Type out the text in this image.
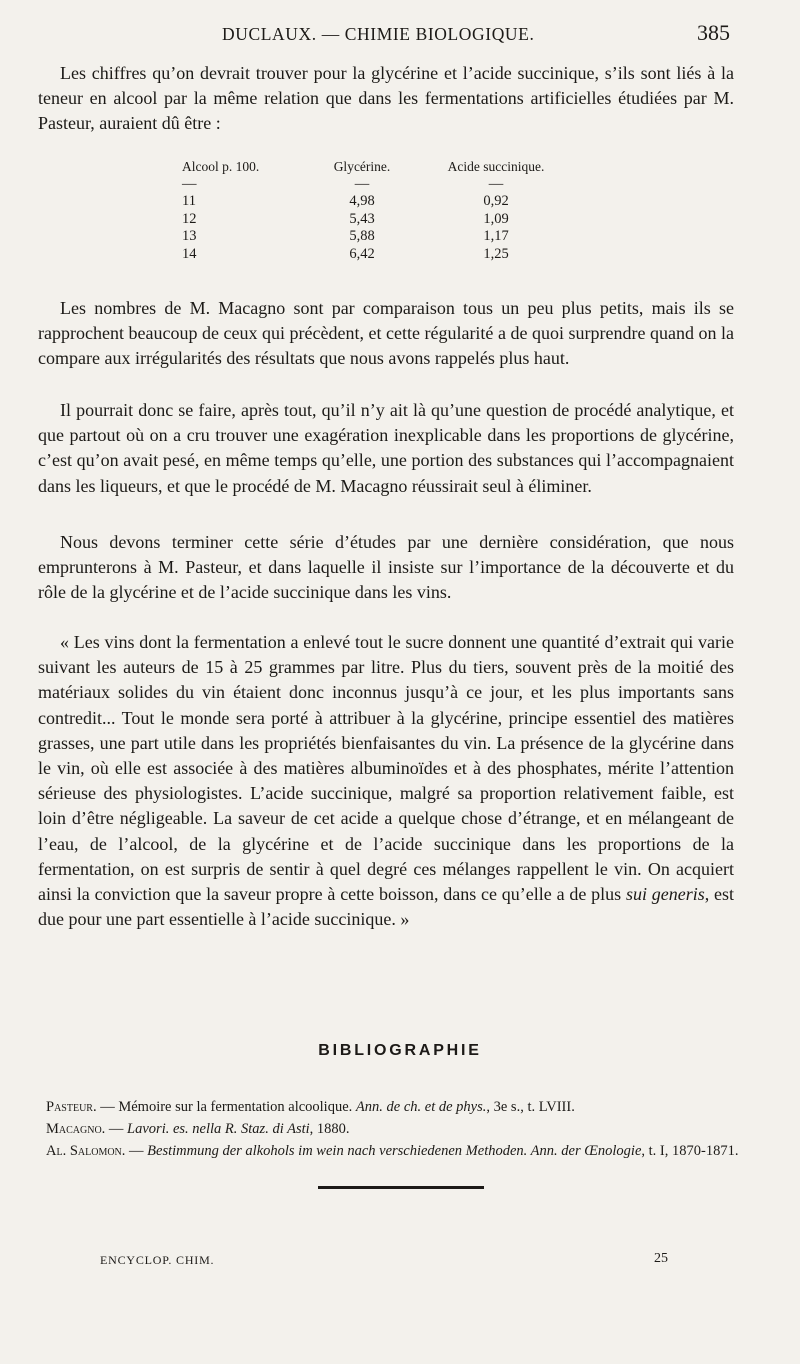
DUCLAUX. — CHIMIE BIOLOGIQUE.	385

Les chiffres qu’on devrait trouver pour la glycérine et l’acide succinique, s’ils sont liés à la teneur en alcool par la même relation que dans les fermentations artificielles étudiées par M. Pasteur, auraient dû être :

Alcool p. 100.	Glycérine.	Acide succinique.
—	—	—
11	4,98	0,92
12	5,43	1,09
13	5,88	1,17
14	6,42	1,25

Les nombres de M. Macagno sont par comparaison tous un peu plus petits, mais ils se rapprochent beaucoup de ceux qui précèdent, et cette régularité a de quoi surprendre quand on la compare aux irrégularités des résultats que nous avons rappelés plus haut.

Il pourrait donc se faire, après tout, qu’il n’y ait là qu’une question de procédé analytique, et que partout où on a cru trouver une exagération inexplicable dans les proportions de glycérine, c’est qu’on avait pesé, en même temps qu’elle, une portion des substances qui l’accompagnaient dans les liqueurs, et que le procédé de M. Macagno réussirait seul à éliminer.

Nous devons terminer cette série d’études par une dernière considération, que nous emprunterons à M. Pasteur, et dans laquelle il insiste sur l’importance de la découverte et du rôle de la glycérine et de l’acide succinique dans les vins.

« Les vins dont la fermentation a enlevé tout le sucre donnent une quantité d’extrait qui varie suivant les auteurs de 15 à 25 grammes par litre. Plus du tiers, souvent près de la moitié des matériaux solides du vin étaient donc inconnus jusqu’à ce jour, et les plus importants sans contredit... Tout le monde sera porté à attribuer à la glycérine, principe essentiel des matières grasses, une part utile dans les propriétés bienfaisantes du vin. La présence de la glycérine dans le vin, où elle est associée à des matières albuminoïdes et à des phosphates, mérite l’attention sérieuse des physiologistes. L’acide succinique, malgré sa proportion relativement faible, est loin d’être négligeable. La saveur de cet acide a quelque chose d’étrange, et en mélangeant de l’eau, de l’alcool, de la glycérine et de l’acide succinique dans les proportions de la fermentation, on est surpris de sentir à quel degré ces mélanges rappellent le vin. On acquiert ainsi la conviction que la saveur propre à cette boisson, dans ce qu’elle a de plus sui generis, est due pour une part essentielle à l’acide succinique. »

BIBLIOGRAPHIE

Pasteur. — Mémoire sur la fermentation alcoolique. Ann. de ch. et de phys., 3e s., t. LVIII.

Macagno. — Lavori. es. nella R. Staz. di Asti, 1880.

Al. Salomon. — Bestimmung der alkohols im wein nach verschiedenen Methoden. Ann. der Œnologie, t. I, 1870-1871.

ENCYCLOP. CHIM.	25
